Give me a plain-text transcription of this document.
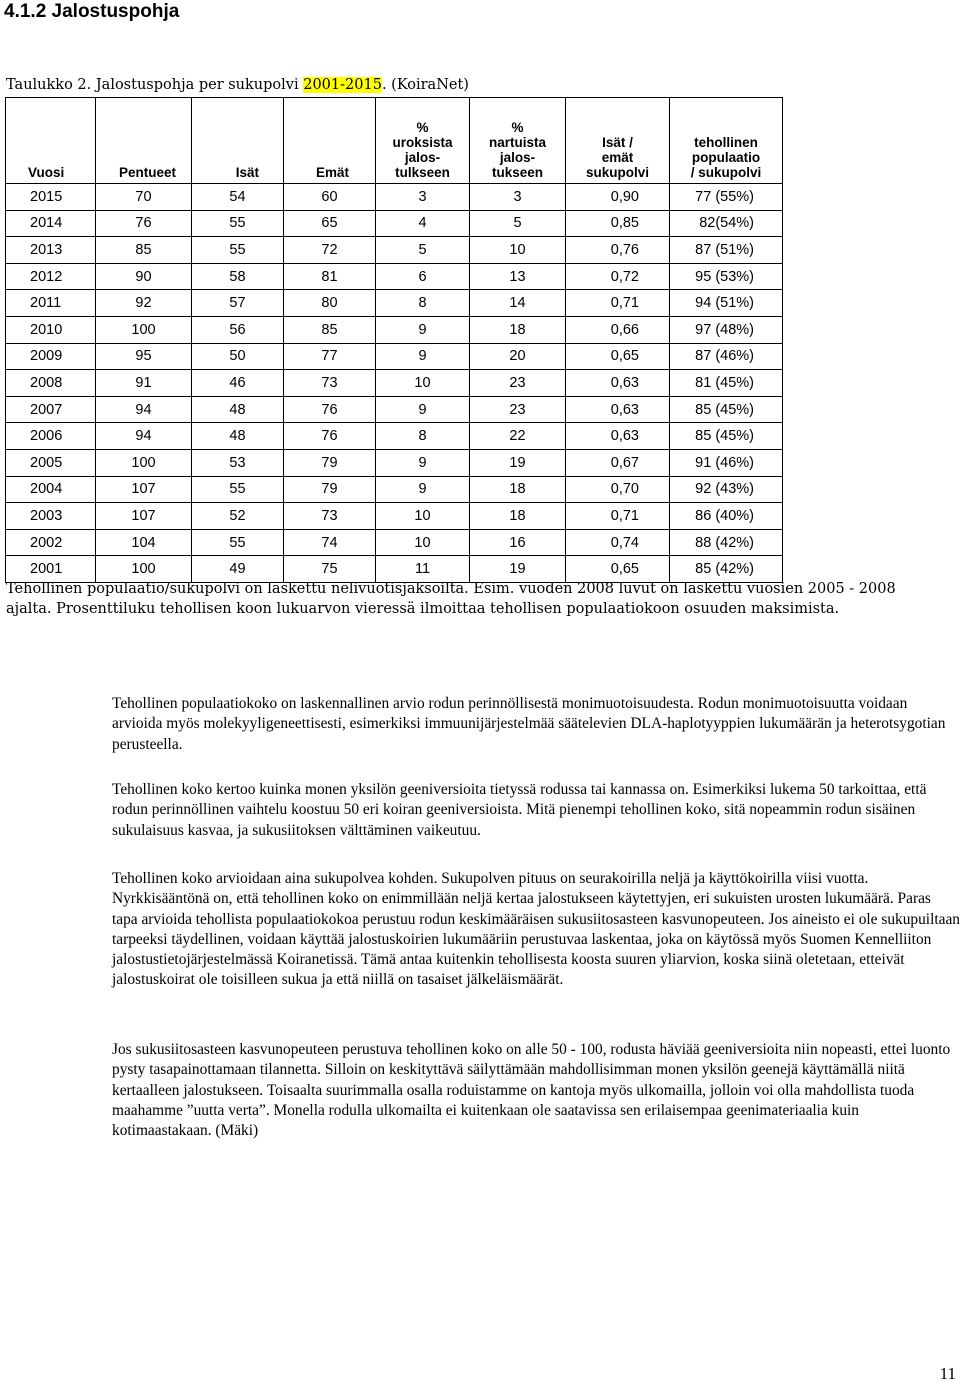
4.1.2 Jalostuspohja
Taulukko 2. Jalostuspohja per sukupolvi 2001-2015. (KoiraNet)
Vuosi	Pentueet	Isät	Emät	%
uroksista
jalos-
tulkseen	%
nartuista
jalos-
tukseen	Isät /
emät
sukupolvi	tehollinen
populaatio
/ sukupolvi
2015	70	54	60	3	3	0,90	77 (55%)
2014	76	55	65	4	5	0,85	82(54%)
2013	85	55	72	5	10	0,76	87 (51%)
2012	90	58	81	6	13	0,72	95 (53%)
2011	92	57	80	8	14	0,71	94 (51%)
2010	100	56	85	9	18	0,66	97 (48%)
2009	95	50	77	9	20	0,65	87 (46%)
2008	91	46	73	10	23	0,63	81 (45%)
2007	94	48	76	9	23	0,63	85 (45%)
2006	94	48	76	8	22	0,63	85 (45%)
2005	100	53	79	9	19	0,67	91 (46%)
2004	107	55	79	9	18	0,70	92 (43%)
2003	107	52	73	10	18	0,71	86 (40%)
2002	104	55	74	10	16	0,74	88 (42%)
2001	100	49	75	11	19	0,65	85 (42%)

Tehollinen populaatio/sukupolvi on laskettu nelivuotisjaksoilta. Esim. vuoden 2008 luvut on laskettu vuosien 2005 - 2008 ajalta. Prosenttiluku tehollisen koon lukuarvon vieressä ilmoittaa tehollisen populaatiokoon osuuden maksimista.

Tehollinen populaatiokoko on laskennallinen arvio rodun perinnöllisestä monimuotoisuudesta. Rodun monimuotoisuutta voidaan arvioida myös molekyyligeneettisesti, esimerkiksi immuunijärjestelmää säätelevien DLA-haplotyyppien lukumäärän ja heterotsygotian perusteella.

Tehollinen koko kertoo kuinka monen yksilön geeniversioita tietyssä rodussa tai kannassa on. Esimerkiksi lukema 50 tarkoittaa, että rodun perinnöllinen vaihtelu koostuu 50 eri koiran geeniversioista. Mitä pienempi tehollinen koko, sitä nopeammin rodun sisäinen sukulaisuus kasvaa, ja sukusiitoksen välttäminen vaikeutuu.

Tehollinen koko arvioidaan aina sukupolvea kohden. Sukupolven pituus on seurakoirilla neljä ja käyttökoirilla viisi vuotta. Nyrkkisääntönä on, että tehollinen koko on enimmillään neljä kertaa jalostukseen käytettyjen, eri sukuisten urosten lukumäärä. Paras tapa arvioida tehollista populaatiokokoa perustuu rodun keskimääräisen sukusiitosasteen kasvunopeuteen. Jos aineisto ei ole sukupuiltaan tarpeeksi täydellinen, voidaan käyttää jalostuskoirien lukumääriin perustuvaa laskentaa, joka on käytössä myös Suomen Kennelliiton jalostustietojärjestelmässä Koiranetissä. Tämä antaa kuitenkin tehollisesta koosta suuren yliarvion, koska siinä oletetaan, etteivät jalostuskoirat ole toisilleen sukua ja että niillä on tasaiset jälkeläismäärät.

Jos sukusiitosasteen kasvunopeuteen perustuva tehollinen koko on alle 50 - 100, rodusta häviää geeniversioita niin nopeasti, ettei luonto pysty tasapainottamaan tilannetta. Silloin on keskityttävä säilyttämään mahdollisimman monen yksilön geenejä käyttämällä niitä kertaalleen jalostukseen. Toisaalta suurimmalla osalla roduistamme on kantoja myös ulkomailla, jolloin voi olla mahdollista tuoda maahamme ”uutta verta”. Monella rodulla ulkomailta ei kuitenkaan ole saatavissa sen erilaisempaa geenimateriaalia kuin kotimaastakaan. (Mäki)

11
